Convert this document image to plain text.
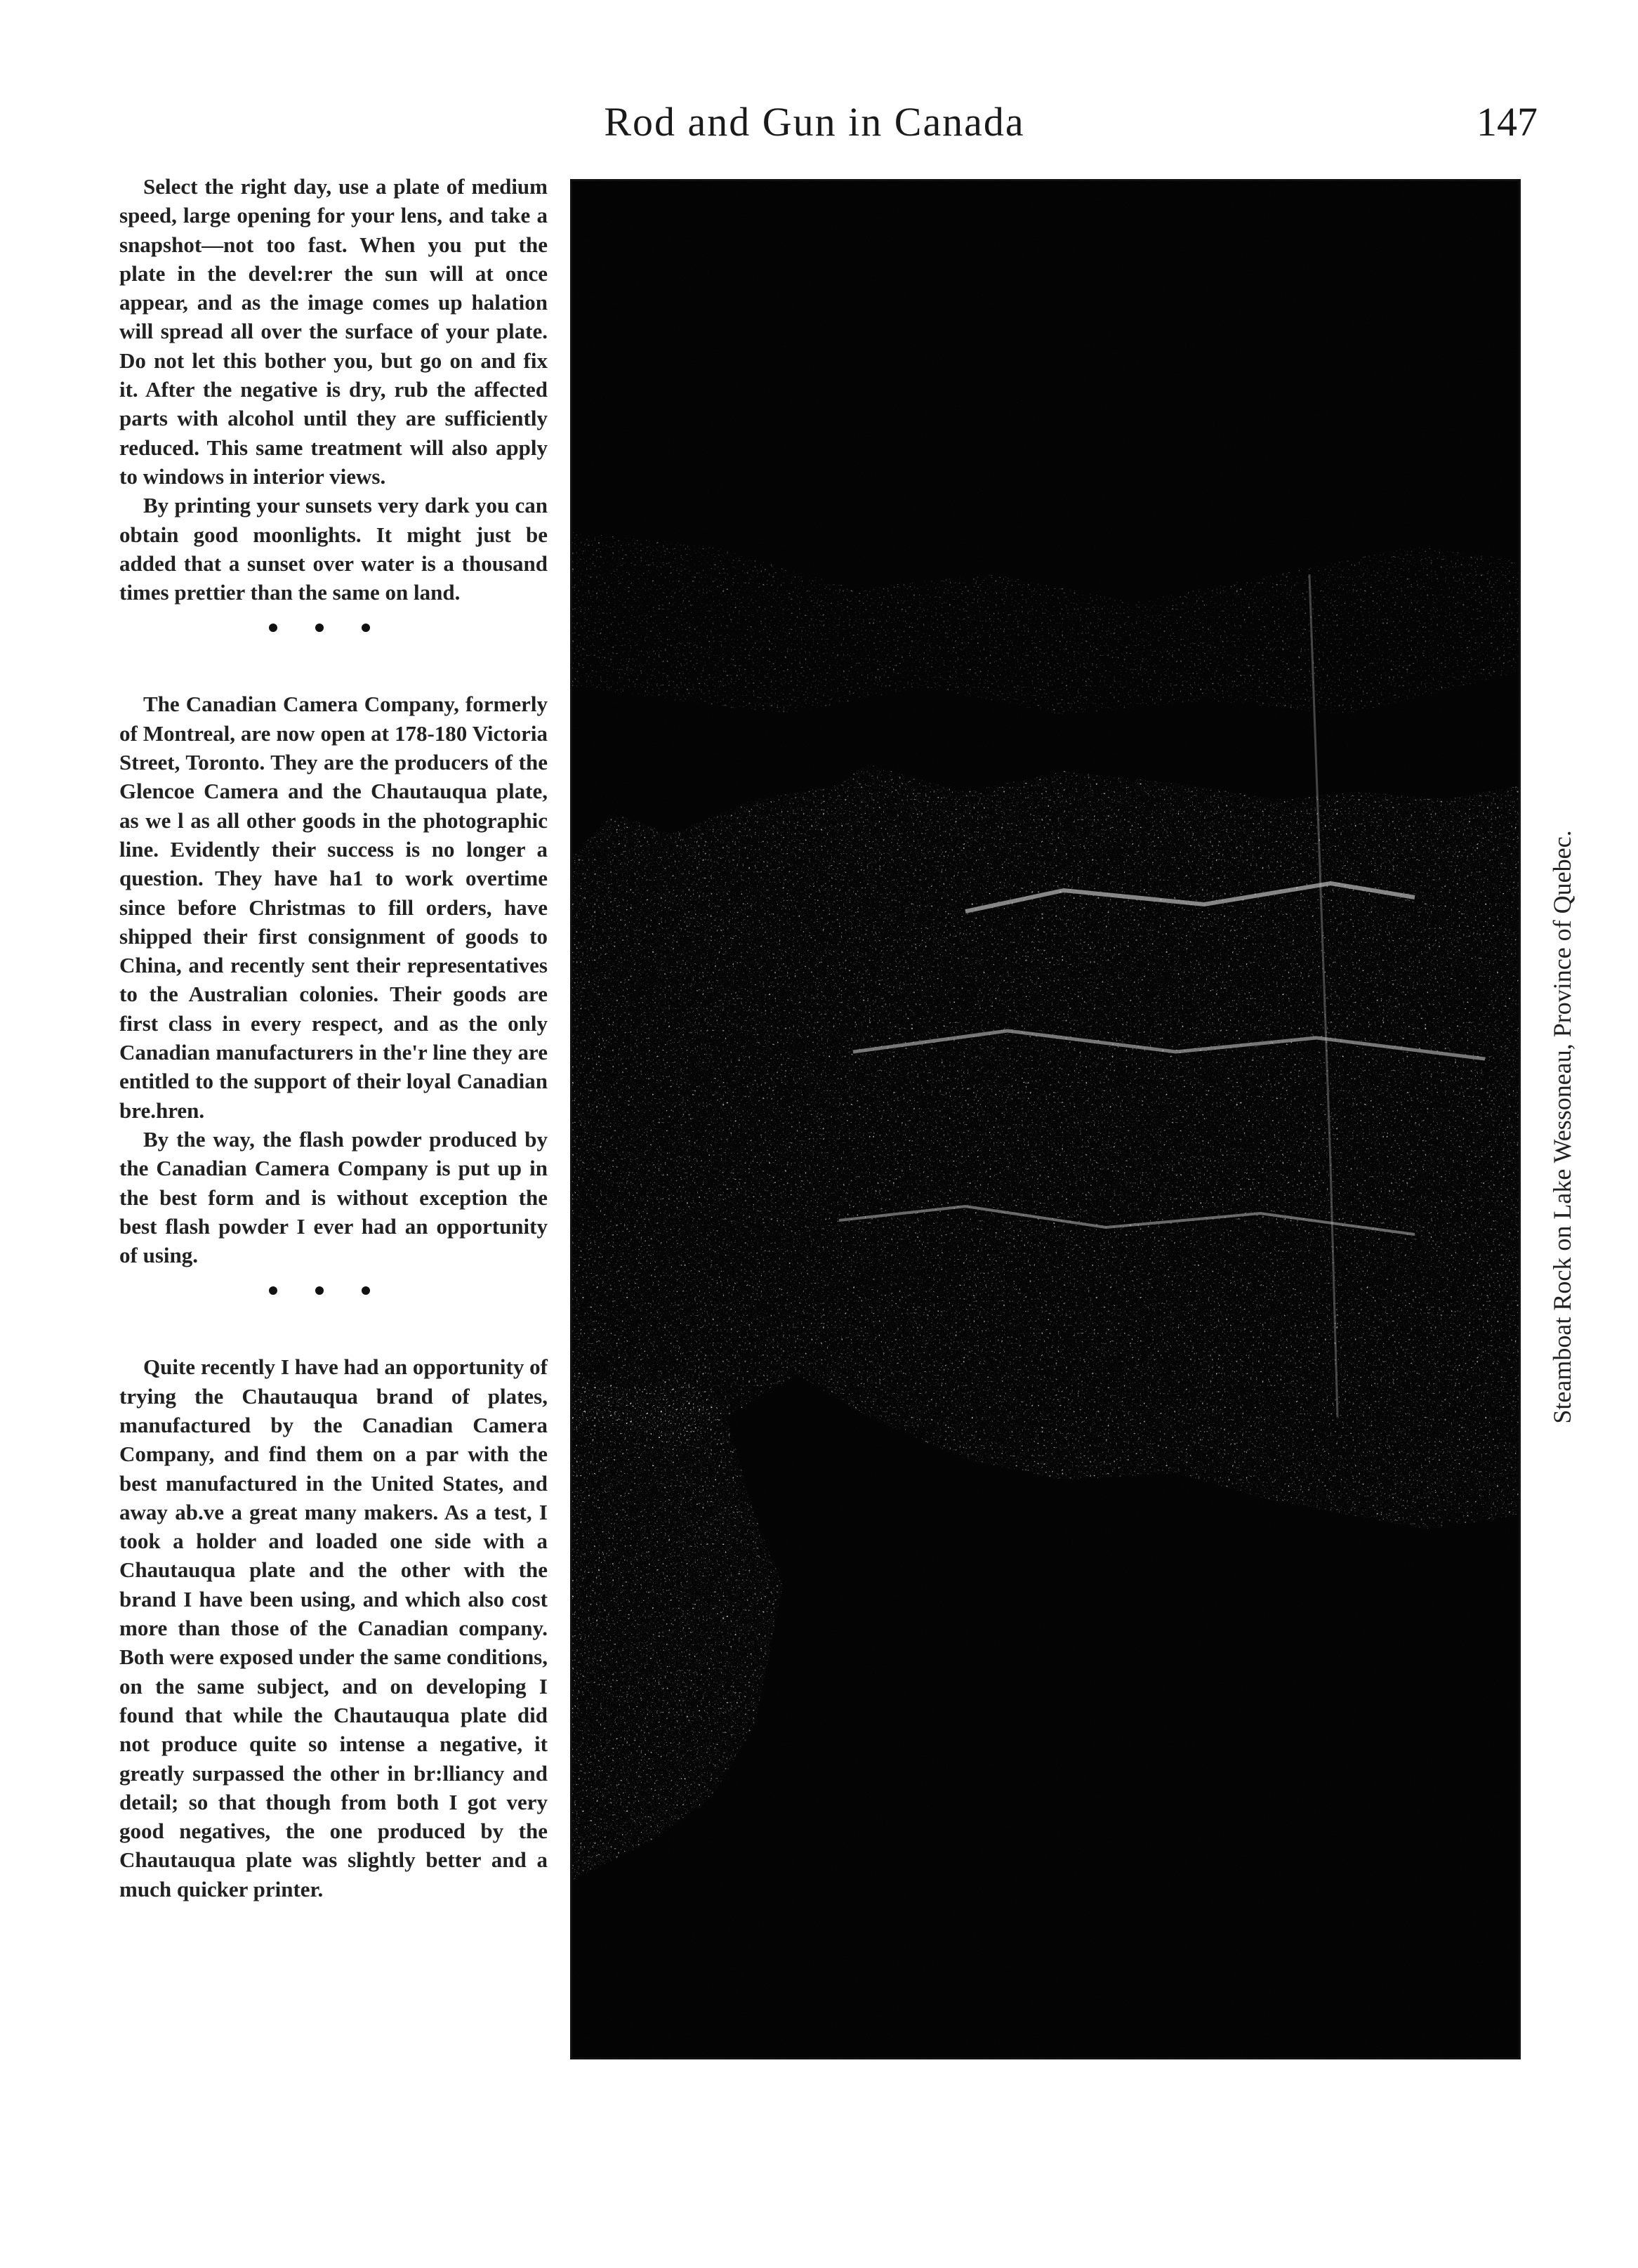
Rod and Gun in Canada	147

Select the right day, use a plate of medium speed, large opening for your lens, and take a snapshot—not too fast. When you put the plate in the devel:rer the sun will at once appear, and as the image comes up halation will spread all over the surface of your plate. Do not let this bother you, but go on and fix it. After the negative is dry, rub the affected parts with alcohol until they are sufficiently reduced. This same treatment will also apply to windows in interior views.

By printing your sunsets very dark you can obtain good moonlights. It might just be added that a sunset over water is a thousand times prettier than the same on land.

The Canadian Camera Company, formerly of Montreal, are now open at 178-180 Victoria Street, Toronto. They are the producers of the Glencoe Camera and the Chautauqua plate, as we l as all other goods in the photographic line. Evidently their success is no longer a question. They have ha1 to work overtime since before Christmas to fill orders, have shipped their first consignment of goods to China, and recently sent their representatives to the Australian colonies. Their goods are first class in every respect, and as the only Canadian manufacturers in the'r line they are entitled to the support of their loyal Canadian bre.hren.

By the way, the flash powder produced by the Canadian Camera Company is put up in the best form and is without exception the best flash powder I ever had an opportunity of using.

Quite recently I have had an opportunity of trying the Chautauqua brand of plates, manufactured by the Canadian Camera Company, and find them on a par with the best manufactured in the United States, and away ab.ve a great many makers. As a test, I took a holder and loaded one side with a Chautauqua plate and the other with the brand I have been using, and which also cost more than those of the Canadian company. Both were exposed under the same conditions, on the same subject, and on developing I found that while the Chautauqua plate did not produce quite so intense a negative, it greatly surpassed the other in br:lliancy and detail; so that though from both I got very good negatives, the one produced by the Chautauqua plate was slightly better and a much quicker printer.

Steamboat Rock on Lake Wessoneau, Province of Quebec.
